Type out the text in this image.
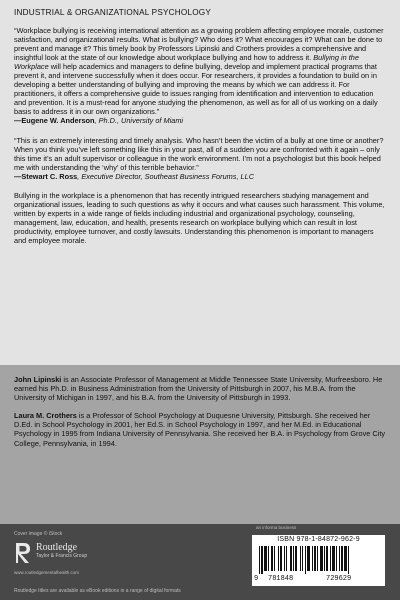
INDUSTRIAL & ORGANIZATIONAL PSYCHOLOGY

“Workplace bullying is receiving international attention as a growing problem affecting employee morale, customer satisfaction, and organizational results. What is bullying? Who does it? What encourages it? What can be done to prevent and manage it? This timely book by Professors Lipinski and Crothers provides a comprehensive and insightful look at the state of our knowledge about workplace bullying and how to address it. Bullying in the Workplace will help academics and managers to define bullying, develop and implement practical programs that prevent it, and intervene successfully when it does occur. For researchers, it provides a foundation to build on in developing a better understanding of bullying and improving the means by which we can address it. For practitioners, it offers a comprehensive guide to issues ranging from identification and intervention to education and prevention. It is a must-read for anyone studying the phenomenon, as well as for all of us working on a daily basis to address it in our own organizations.”

—Eugene W. Anderson, Ph.D., University of Miami

“This is an extremely interesting and timely analysis. Who hasn’t been the victim of a bully at one time or another? When you think you’ve left something like this in your past, all of a sudden you are confronted with it again – only this time it’s an adult supervisor or colleague in the work environment. I’m not a psychologist but this book helped me with understanding the ‘why’ of this terrible behavior.”

—Stewart C. Ross, Executive Director, Southeast Business Forums, LLC

Bullying in the workplace is a phenomenon that has recently intrigued researchers studying management and organizational issues, leading to such questions as why it occurs and what causes such harassment. This volume, written by experts in a wide range of fields including industrial and organizational psychology, counseling, management, law, education, and health, presents research on workplace bullying which can result in lost productivity, employee turnover, and costly lawsuits. Understanding this phenomenon is important to managers and employee morale.

John Lipinski is an Associate Professor of Management at Middle Tennessee State University, Murfreesboro. He earned his Ph.D. in Business Administration from the University of Pittsburgh in 2007, his M.B.A. from the University of Michigan in 1997, and his B.A. from the University of Pittsburgh in 1993.

Laura M. Crothers is a Professor of School Psychology at Duquesne University, Pittsburgh. She received her D.Ed. in School Psychology in 2001, her Ed.S. in School Psychology in 1997, and her M.Ed. in Educational Psychology in 1995 from Indiana University of Pennsylvania. She received her B.A. in Psychology from Grove City College, Pennsylvania, in 1994.

Cover image © iStock
Routledge
Taylor & Francis Group
www.routledgementalhealth.com
Routledge titles are available as eBook editions in a range of digital formats
an informa business
ISBN 978-1-84872-962-9
9 781848	729629
